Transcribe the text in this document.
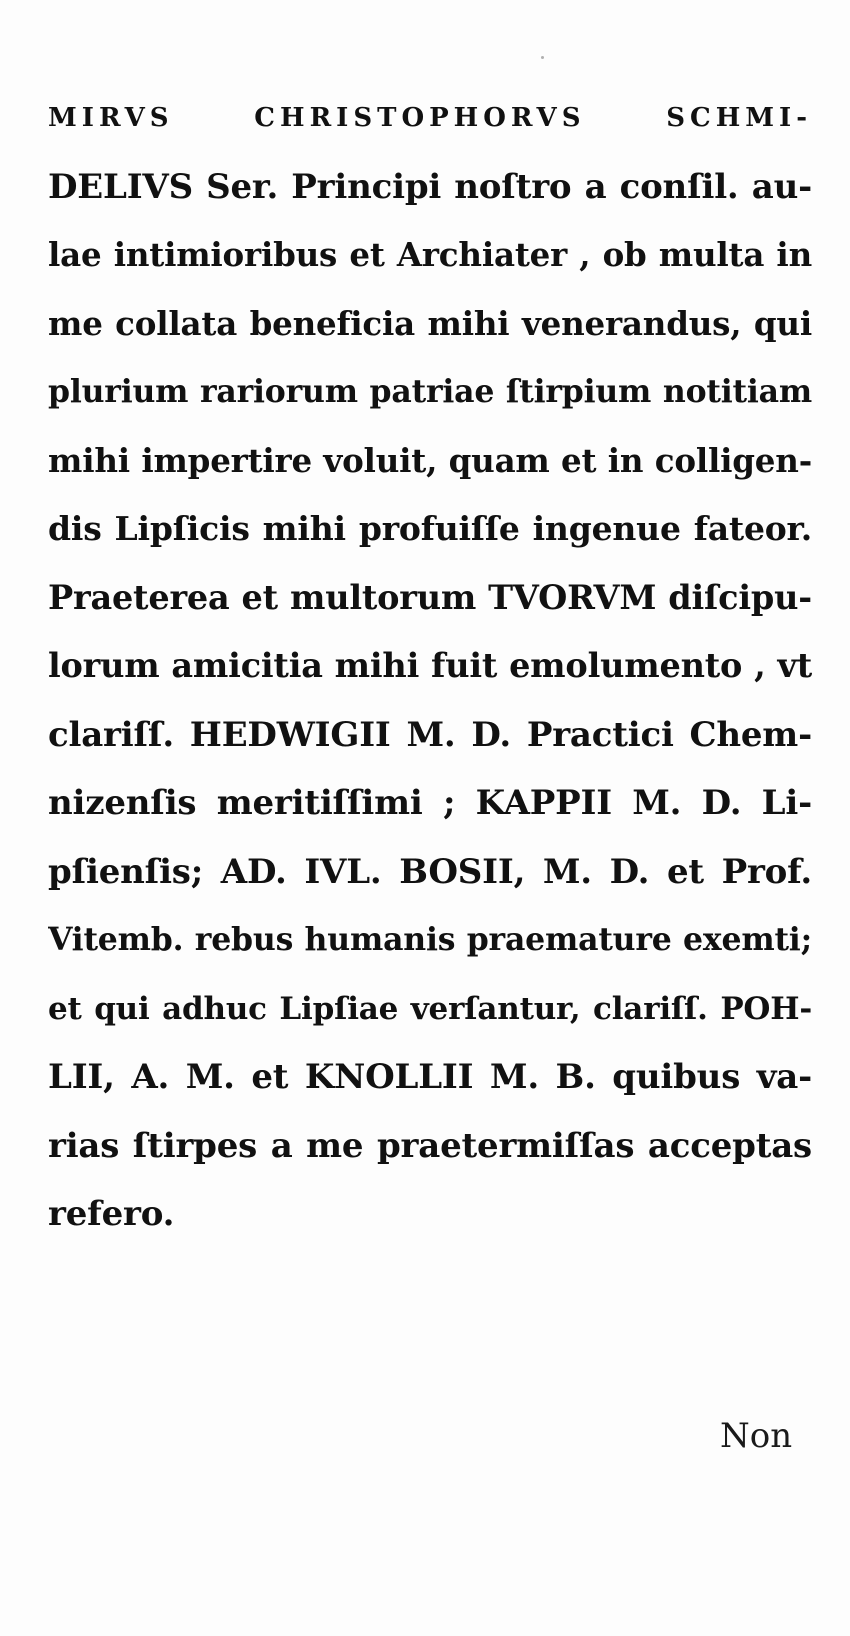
MIRVS CHRISTOPHORVS SCHMI-
DELIVS Ser. Principi noſtro a conſil. au-
lae intimioribus et Archiater , ob multa in
me collata beneficia mihi venerandus, qui
plurium rariorum patriae ſtirpium notitiam
mihi impertire voluit, quam et in colligen-
dis Lipſicis mihi profuiſſe ingenue fateor.
Praeterea et multorum TVORVM diſcipu-
lorum amicitia mihi fuit emolumento , vt
clariſſ. HEDWIGII M. D. Practici Chem-
nizenſis meritiſſimi ; KAPPII M. D. Li-
pſienſis; AD. IVL. BOSII, M. D. et Prof.
Vitemb. rebus humanis praemature exemti;
et qui adhuc Lipſiae verſantur, clariſſ. POH-
LII, A. M. et KNOLLII M. B. quibus va-
rias ſtirpes a me praetermiſſas acceptas
refero.
Non
